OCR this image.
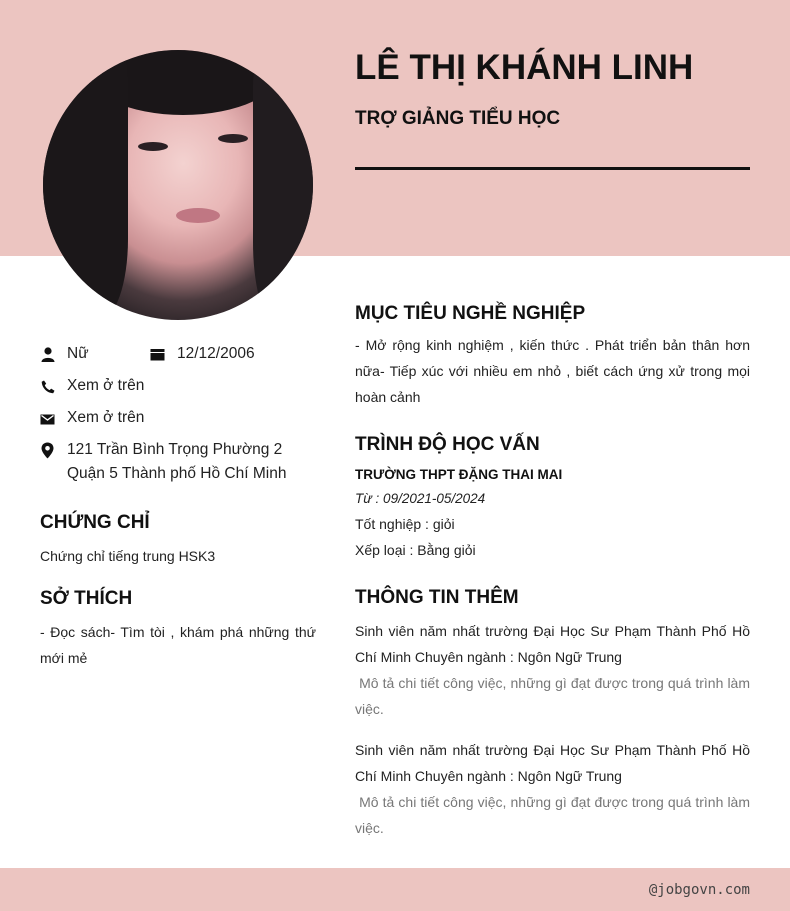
LÊ THỊ KHÁNH LINH
TRỢ GIẢNG TIỂU HỌC
Nữ	12/12/2006
Xem ở trên
Xem ở trên
121 Trần Bình Trọng Phường 2
Quận 5 Thành phố Hồ Chí Minh
CHỨNG CHỈ
Chứng chỉ tiếng trung HSK3
SỞ THÍCH
- Đọc sách- Tìm tòi , khám phá những thứ mới mẻ
MỤC TIÊU NGHỀ NGHIỆP
- Mở rộng kinh nghiệm , kiến thức . Phát triển bản thân hơn nữa- Tiếp xúc với nhiều em nhỏ , biết cách ứng xử trong mọi hoàn cảnh
TRÌNH ĐỘ HỌC VẤN
TRƯỜNG THPT ĐẶNG THAI MAI
Từ : 09/2021-05/2024
Tốt nghiệp : giỏi
Xếp loại : Bằng giỏi
THÔNG TIN THÊM
Sinh viên năm nhất trường Đại Học Sư Phạm Thành Phố Hồ Chí Minh Chuyên ngành : Ngôn Ngữ Trung
Mô tả chi tiết công việc, những gì đạt được trong quá trình làm việc.
Sinh viên năm nhất trường Đại Học Sư Phạm Thành Phố Hồ Chí Minh Chuyên ngành : Ngôn Ngữ Trung
Mô tả chi tiết công việc, những gì đạt được trong quá trình làm việc.
@jobgovn.com
